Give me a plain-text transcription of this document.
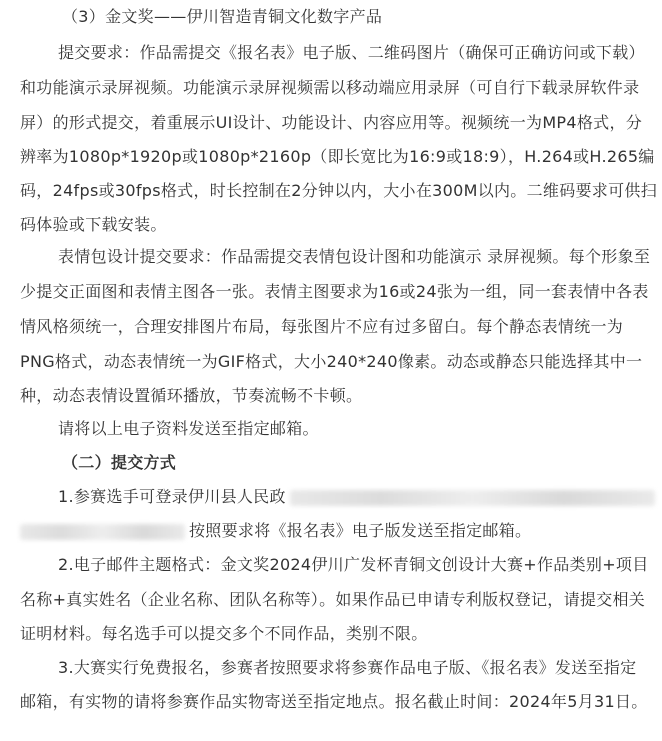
（3）金文奖——伊川智造青铜文化数字产品
提交要求：作品需提交《报名表》电子版、二维码图片（确保可正确访问或下载）
和功能演示录屏视频。功能演示录屏视频需以移动端应用录屏（可自行下载录屏软件录
屏）的形式提交，着重展示UI设计、功能设计、内容应用等。视频统一为MP4格式，分
辨率为1080p*1920p或1080p*2160p（即长宽比为16:9或18:9），H.264或H.265编
码，24fps或30fps格式，时长控制在2分钟以内，大小在300M以内。二维码要求可供扫
码体验或下载安装。
表情包设计提交要求：作品需提交表情包设计图和功能演示 录屏视频。每个形象至
少提交正面图和表情主图各一张。表情主图要求为16或24张为一组，同一套表情中各表
情风格须统一，合理安排图片布局，每张图片不应有过多留白。每个静态表情统一为
PNG格式，动态表情统一为GIF格式，大小240*240像素。动态或静态只能选择其中一
种，动态表情设置循环播放，节奏流畅不卡顿。
请将以上电子资料发送至指定邮箱。
（二）提交方式
1.参赛选手可登录伊川县人民政
按照要求将《报名表》电子版发送至指定邮箱。
2.电子邮件主题格式：金文奖2024伊川广发杯青铜文创设计大赛+作品类别+项目
名称+真实姓名（企业名称、团队名称等）。如果作品已申请专利版权登记，请提交相关
证明材料。每名选手可以提交多个不同作品，类别不限。
3.大赛实行免费报名，参赛者按照要求将参赛作品电子版、《报名表》发送至指定
邮箱，有实物的请将参赛作品实物寄送至指定地点。报名截止时间：2024年5月31日。
